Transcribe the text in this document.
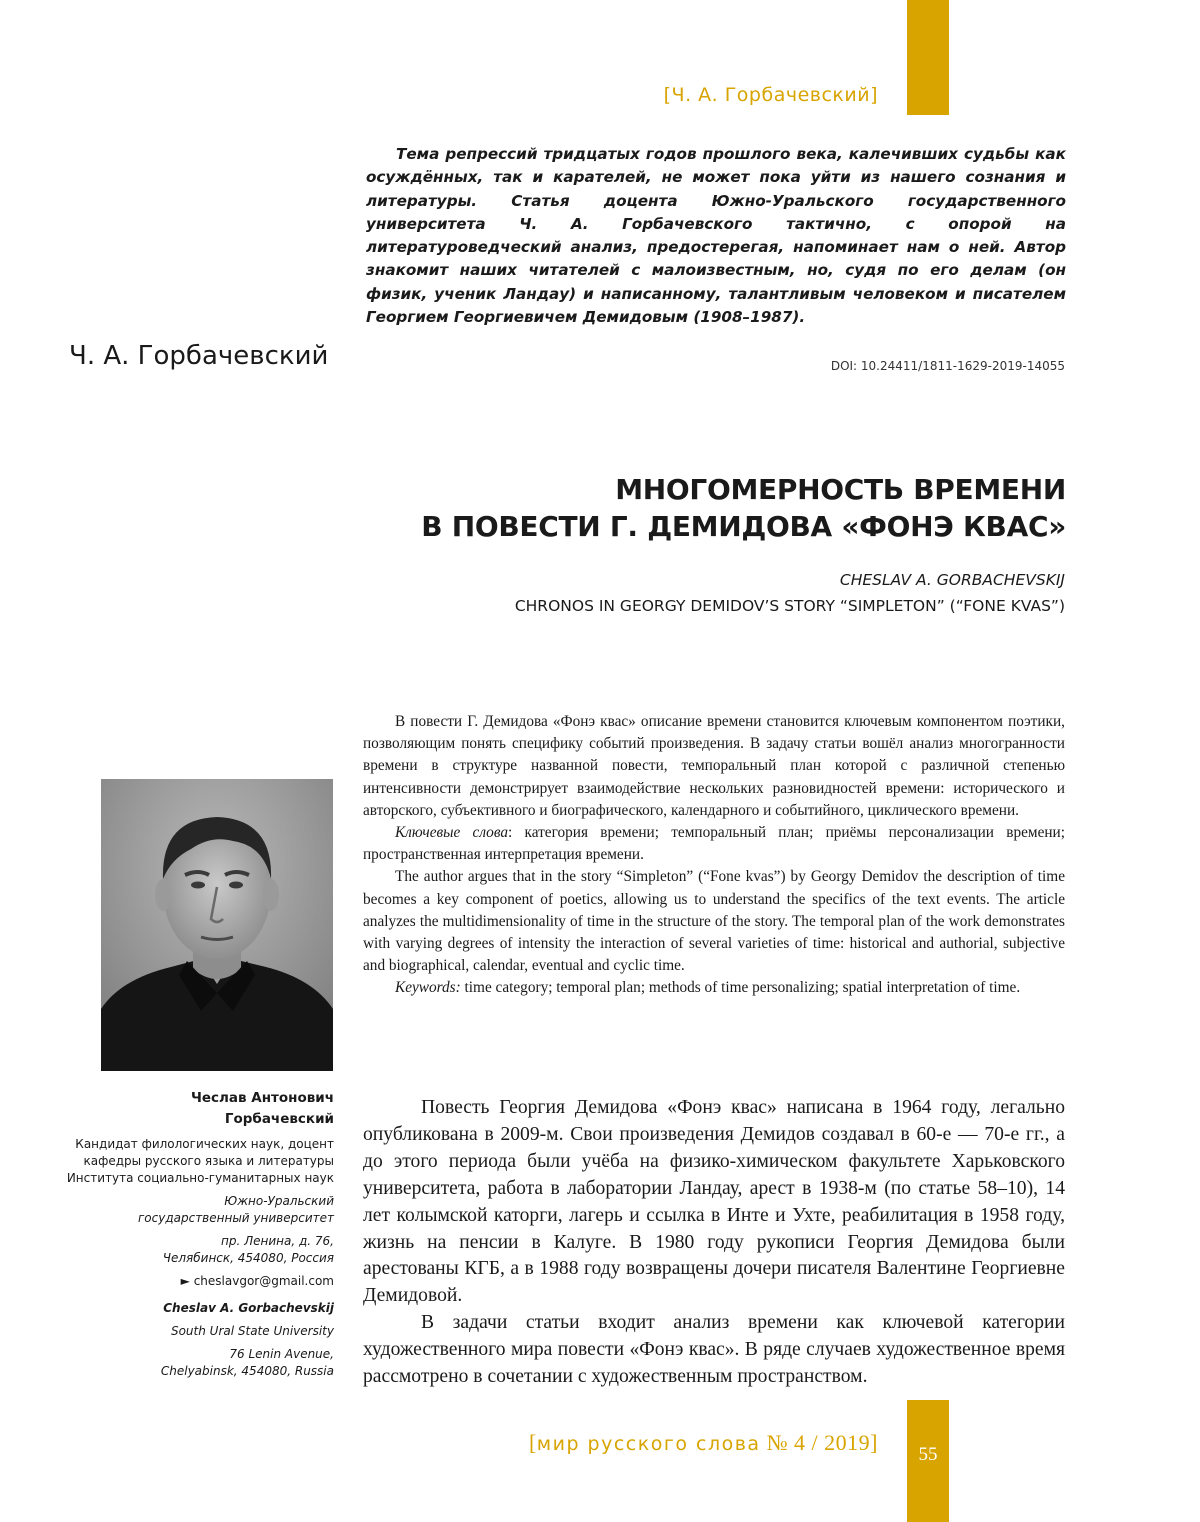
[Ч. А. Горбачевский]
Тема репрессий тридцатых годов прошлого века, калечивших судьбы как осуждённых, так и карателей, не может пока уйти из нашего сознания и литературы. Статья доцента Южно-Уральского государственного университета Ч. А. Горбачевского тактично, с опорой на литературоведческий анализ, предостерегая, напоминает нам о ней. Автор знакомит наших читателей с малоизвестным, но, судя по его делам (он физик, ученик Ландау) и написанному, талантливым человеком и писателем Георгием Георгиевичем Демидовым (1908–1987).
Ч. А. Горбачевский	DOI: 10.24411/1811-1629-2019-14055
МНОГОМЕРНОСТЬ ВРЕМЕНИ
В ПОВЕСТИ Г. ДЕМИДОВА «ФОНЭ КВАС»
CHESLAV A. GORBACHEVSKIJ
CHRONOS IN GEORGY DEMIDOV’S STORY “SIMPLETON” (“FONE KVAS”)

В повести Г. Демидова «Фонэ квас» описание времени становится ключевым компонентом поэтики, позволяющим понять специфику событий произведения. В задачу статьи вошёл анализ многогранности времени в структуре названной повести, темпоральный план которой с различной степенью интенсивности демонстрирует взаимодействие нескольких разновидностей времени: исторического и авторского, субъективного и биографического, календарного и событийного, циклического времени.

Ключевые слова: категория времени; темпоральный план; приёмы персонализации времени; пространственная интерпретация времени.

The author argues that in the story “Simpleton” (“Fone kvas”) by Georgy Demidov the description of time becomes a key component of poetics, allowing us to understand the specifics of the text events. The article analyzes the multidimensionality of time in the structure of the story. The temporal plan of the work demonstrates with varying degrees of intensity the interaction of several varieties of time: historical and authorial, subjective and biographical, calendar, eventual and cyclic time.

Keywords: time category; temporal plan; methods of time personalizing; spatial interpretation of time.

Чеслав Антонович
Горбачевский
Кандидат филологических наук, доцент
кафедры русского языка и литературы
Института социально-гуманитарных наук
Южно-Уральский
государственный университет
пр. Ленина, д. 76,
Челябинск, 454080, Россия
► cheslavgor@gmail.com
Cheslav A. Gorbachevskij
South Ural State University
76 Lenin Avenue,
Chelyabinsk, 454080, Russia

Повесть Георгия Демидова «Фонэ квас» написана в 1964 году, легально опубликована в 2009-м. Свои произведения Демидов создавал в 60-е — 70-е гг., а до этого периода были учёба на физико-химическом факультете Харьковского университета, работа в лаборатории Ландау, арест в 1938-м (по статье 58–10), 14 лет колымской каторги, лагерь и ссылка в Инте и Ухте, реабилитация в 1958 году, жизнь на пенсии в Калуге. В 1980 году рукописи Георгия Демидова были арестованы КГБ, а в 1988 году возвращены дочери писателя Валентине Георгиевне Демидовой.

В задачи статьи входит анализ времени как ключевой категории художественного мира повести «Фонэ квас». В ряде случаев художественное время рассмотрено в сочетании с художественным пространством.

[мир русского слова № 4 / 2019]	55
